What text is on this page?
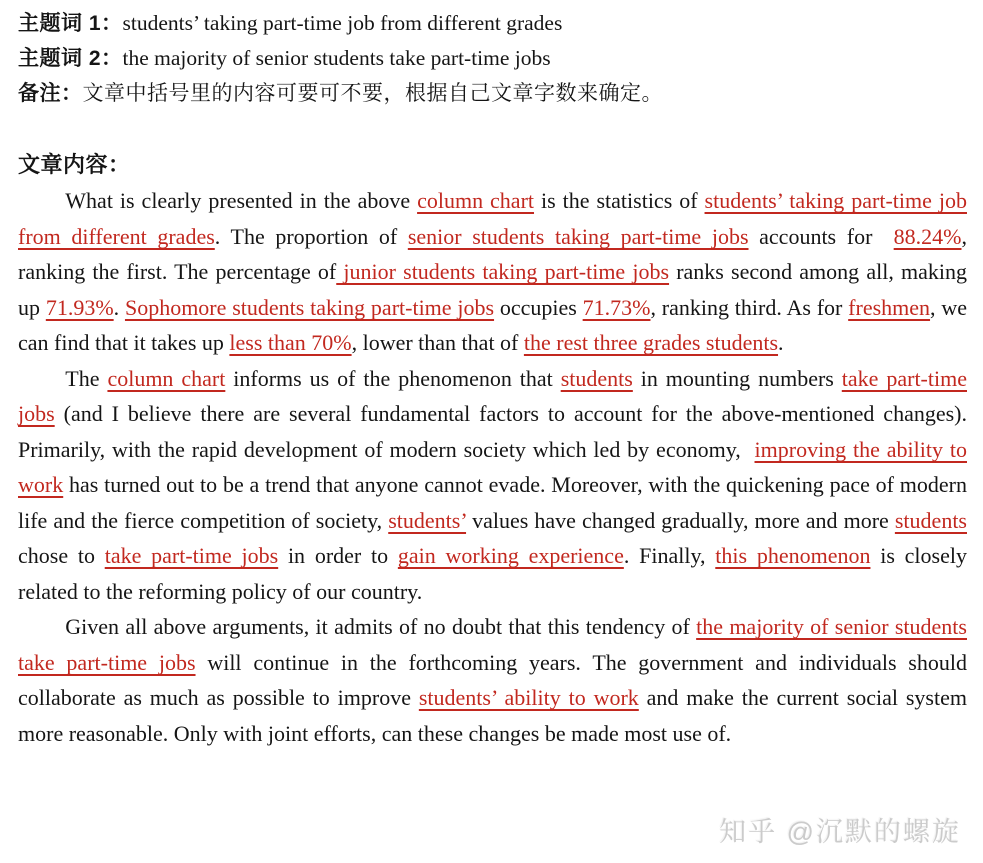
主题词 1：students’ taking part-time job from different grades
主题词 2：the majority of senior students take part-time jobs
备注：文章中括号里的内容可要可不要，根据自己文章字数来确定。
文章内容：

What is clearly presented in the above column chart is the statistics of students’ taking part-time job from different grades. The proportion of senior students taking part-time jobs accounts for  88.24%, ranking the first. The percentage of junior students taking part-time jobs ranks second among all, making up 71.93%. Sophomore students taking part-time jobs occupies 71.73%, ranking third. As for freshmen, we can find that it takes up less than 70%, lower than that of the rest three grades students.

The column chart informs us of the phenomenon that students in mounting numbers take part-time jobs (and I believe there are several fundamental factors to account for the above-mentioned changes). Primarily, with the rapid development of modern society which led by economy,  improving the ability to work has turned out to be a trend that anyone cannot evade. Moreover, with the quickening pace of modern life and the fierce competition of society, students’ values have changed gradually, more and more students chose to take part-time jobs in order to gain working experience. Finally, this phenomenon is closely related to the reforming policy of our country.

Given all above arguments, it admits of no doubt that this tendency of the majority of senior students take part-time jobs will continue in the forthcoming years. The government and individuals should collaborate as much as possible to improve students’ ability to work and make the current social system more reasonable. Only with joint efforts, can these changes be made most use of.

知乎 @沉默的螺旋
